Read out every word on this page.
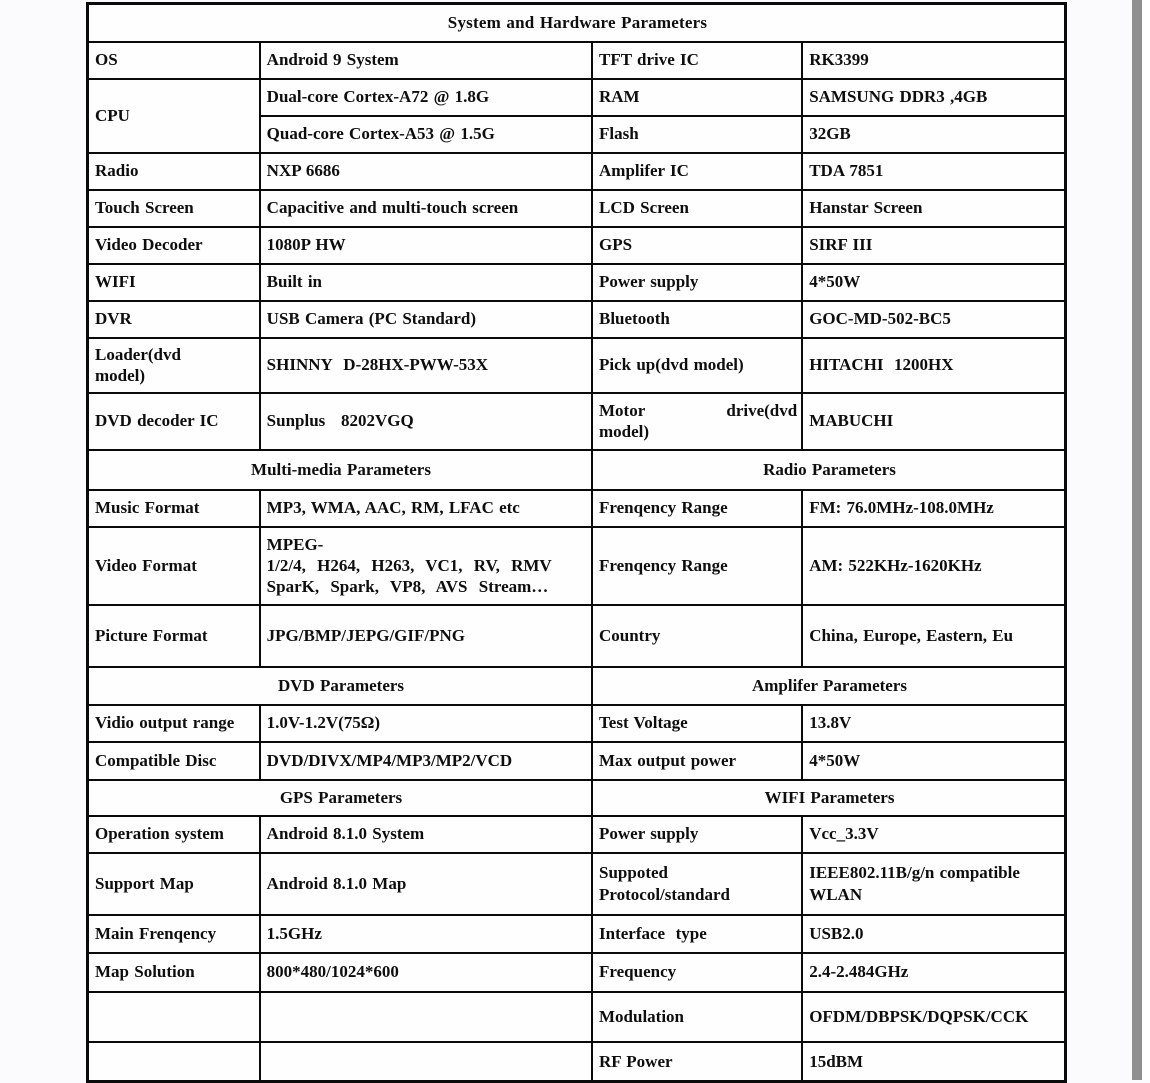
System and Hardware Parameters			
OS	Android 9 System	TFT drive IC	RK3399
CPU	Dual-core Cortex-A72 @ 1.8G	RAM	SAMSUNG DDR3 ,4GB
	Quad-core Cortex-A53 @ 1.5G	Flash	32GB
Radio	NXP 6686	Amplifer IC	TDA 7851
Touch Screen	Capacitive and multi-touch screen	LCD Screen	Hanstar Screen
Video Decoder	1080P HW	GPS	SIRF III
WIFI	Built in	Power supply	4*50W
DVR	USB Camera (PC Standard)	Bluetooth	GOC-MD-502-BC5

Loader(dvd
model)	SHINNY  D-28HX-PWW-53X	Pick up(dvd model)	HITACHI  1200HX
DVD decoder IC	Sunplus   8202VGQ	Motor drive(dvd
model)	MABUCHI
Multi-media Parameters		Radio Parameters	
Music Format	MP3, WMA, AAC, RM, LFAC etc	Frenqency Range	FM: 76.0MHz-108.0MHz
Video Format	MPEG-
1/2/4, H264, H263, VC1, RV, RMV
SparK, Spark, VP8, AVS Stream…	Frenqency Range	AM: 522KHz-1620KHz
Picture Format	JPG/BMP/JEPG/GIF/PNG	Country	China, Europe, Eastern, Eu
DVD Parameters		Amplifer Parameters	
Vidio output range	1.0V-1.2V(75Ω)	Test Voltage	13.8V
Compatible Disc	DVD/DIVX/MP4/MP3/MP2/VCD	Max output power	4*50W
GPS Parameters		WIFI Parameters	
Operation system	Android 8.1.0 System	Power supply	Vcc_3.3V
Support Map	Android 8.1.0 Map	Suppoted
Protocol/standard	IEEE802.11B/g/n compatible WLAN
Main Frenqency	1.5GHz	Interface  type	USB2.0
Map Solution	800*480/1024*600	Frequency	2.4-2.484GHz
		Modulation	OFDM/DBPSK/DQPSK/CCK
		RF Power	15dBM
